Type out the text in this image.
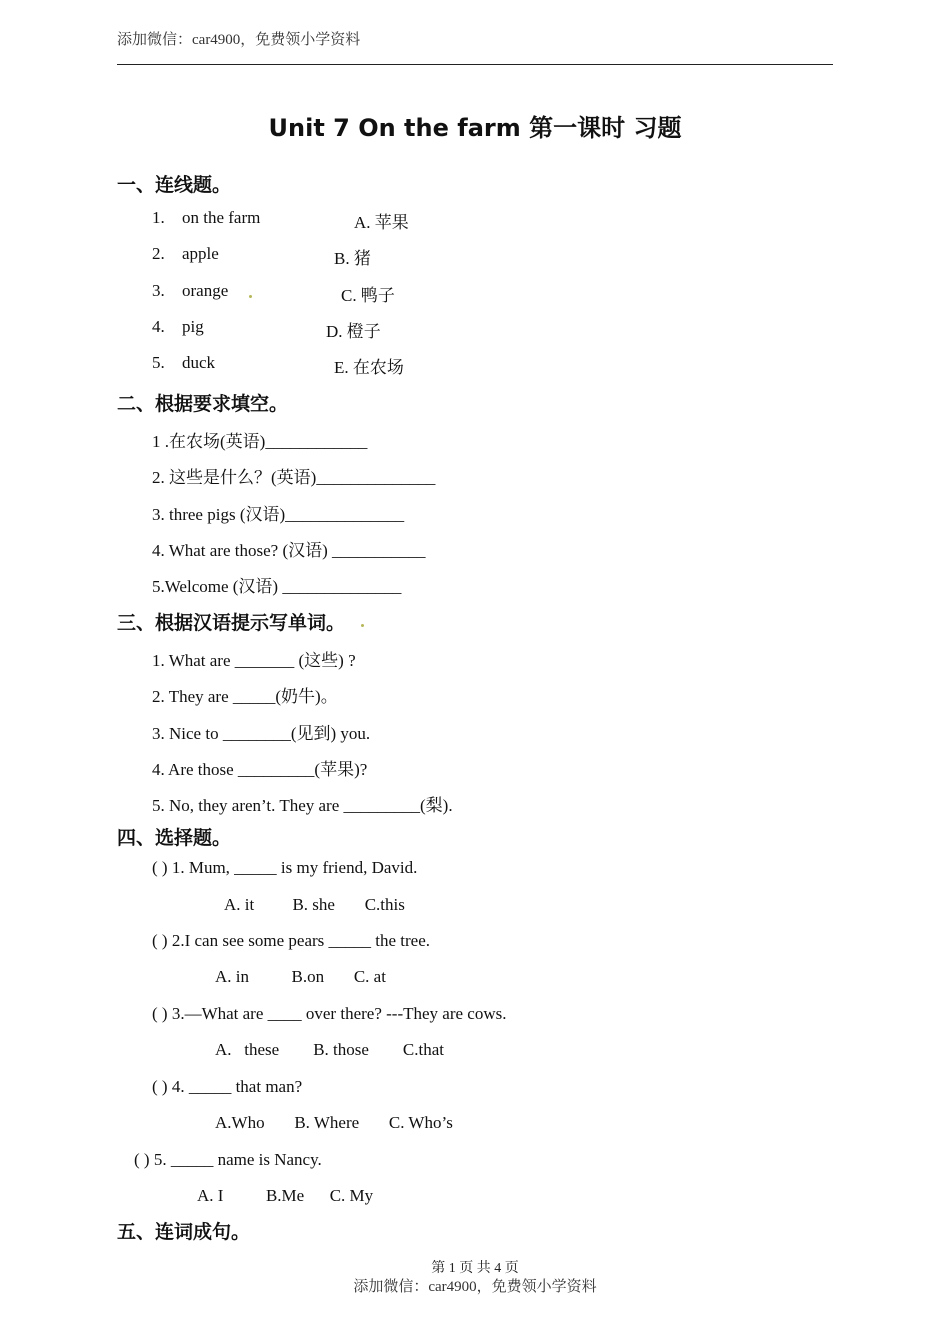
添加微信：car4900，免费领小学资料
Unit 7 On the farm 第一课时 习题
一、连线题。
1. on the farm
2. apple
3. orange
4. pig
5. duck
A. 苹果
B. 猪
C. 鸭子
D. 橙子
E. 在农场
二、根据要求填空。
1 .在农场(英语)____________
2. 这些是什么？(英语)______________
3. three pigs (汉语)______________
4. What are those? (汉语) ___________
5.Welcome (汉语) ______________
三、根据汉语提示写单词。
1. What are _______ (这些) ?
2. They are _____(奶牛)。
3. Nice to ________(见到) you.
4. Are those _________(苹果)?
5. No, they aren’t. They are _________(梨).
四、选择题。
( ) 1. Mum, _____ is my friend, David.
A. it         B. she       C.this
( ) 2.I can see some pears _____ the tree.
A. in          B.on       C. at
( ) 3.—What are ____ over there? ---They are cows.
A.   these        B. those        C.that
( ) 4. _____ that man?
A.Who       B. Where       C. Who’s
( ) 5. _____ name is Nancy.
A. I          B.Me      C. My
五、连词成句。
第 1 页 共 4 页
添加微信：car4900，免费领小学资料
